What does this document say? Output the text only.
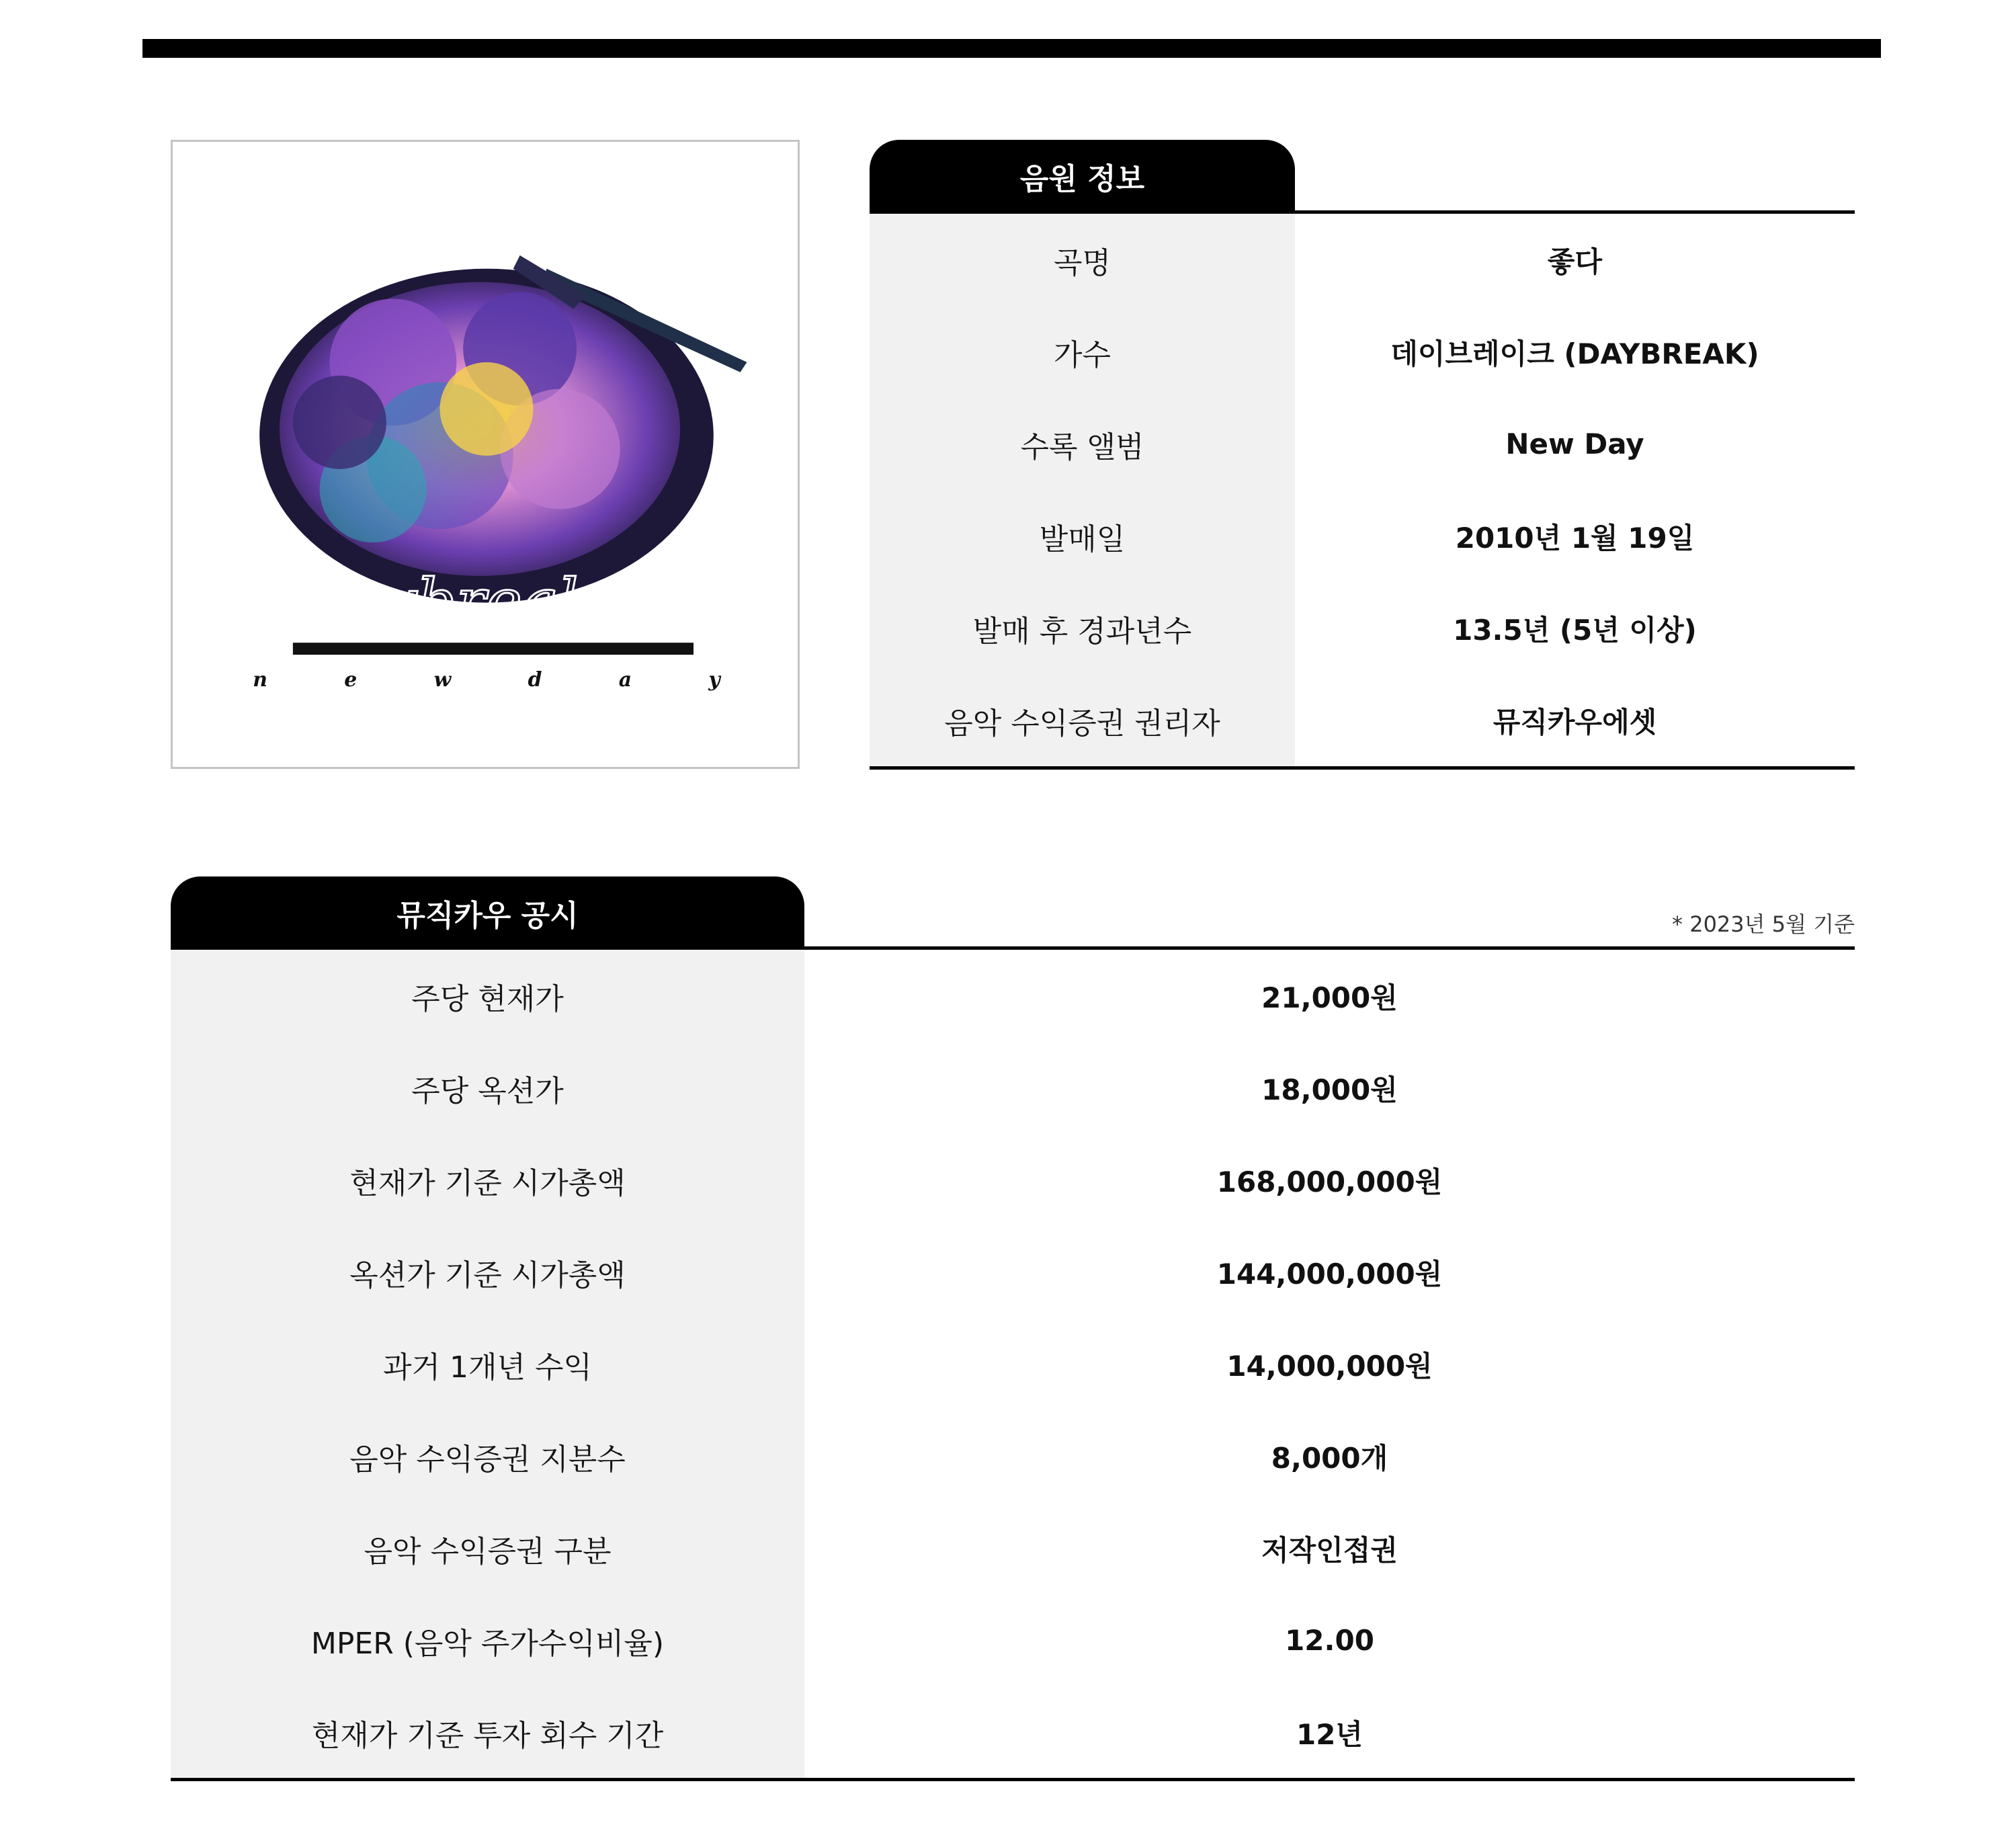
daybreak
n e w d a y
음원 정보
곡명	좋다
가수	데이브레이크 (DAYBREAK)
수록 앨범	New Day
발매일	2010년 1월 19일
발매 후 경과년수	13.5년 (5년 이상)
음악 수익증권 권리자	뮤직카우에셋
뮤직카우 공시	* 2023년 5월 기준
주당 현재가	21,000원
주당 옥션가	18,000원
현재가 기준 시가총액	168,000,000원
옥션가 기준 시가총액	144,000,000원
과거 1개년 수익	14,000,000원
음악 수익증권 지분수	8,000개
음악 수익증권 구분	저작인접권
MPER (음악 주가수익비율)	12.00
현재가 기준 투자 회수 기간	12년
